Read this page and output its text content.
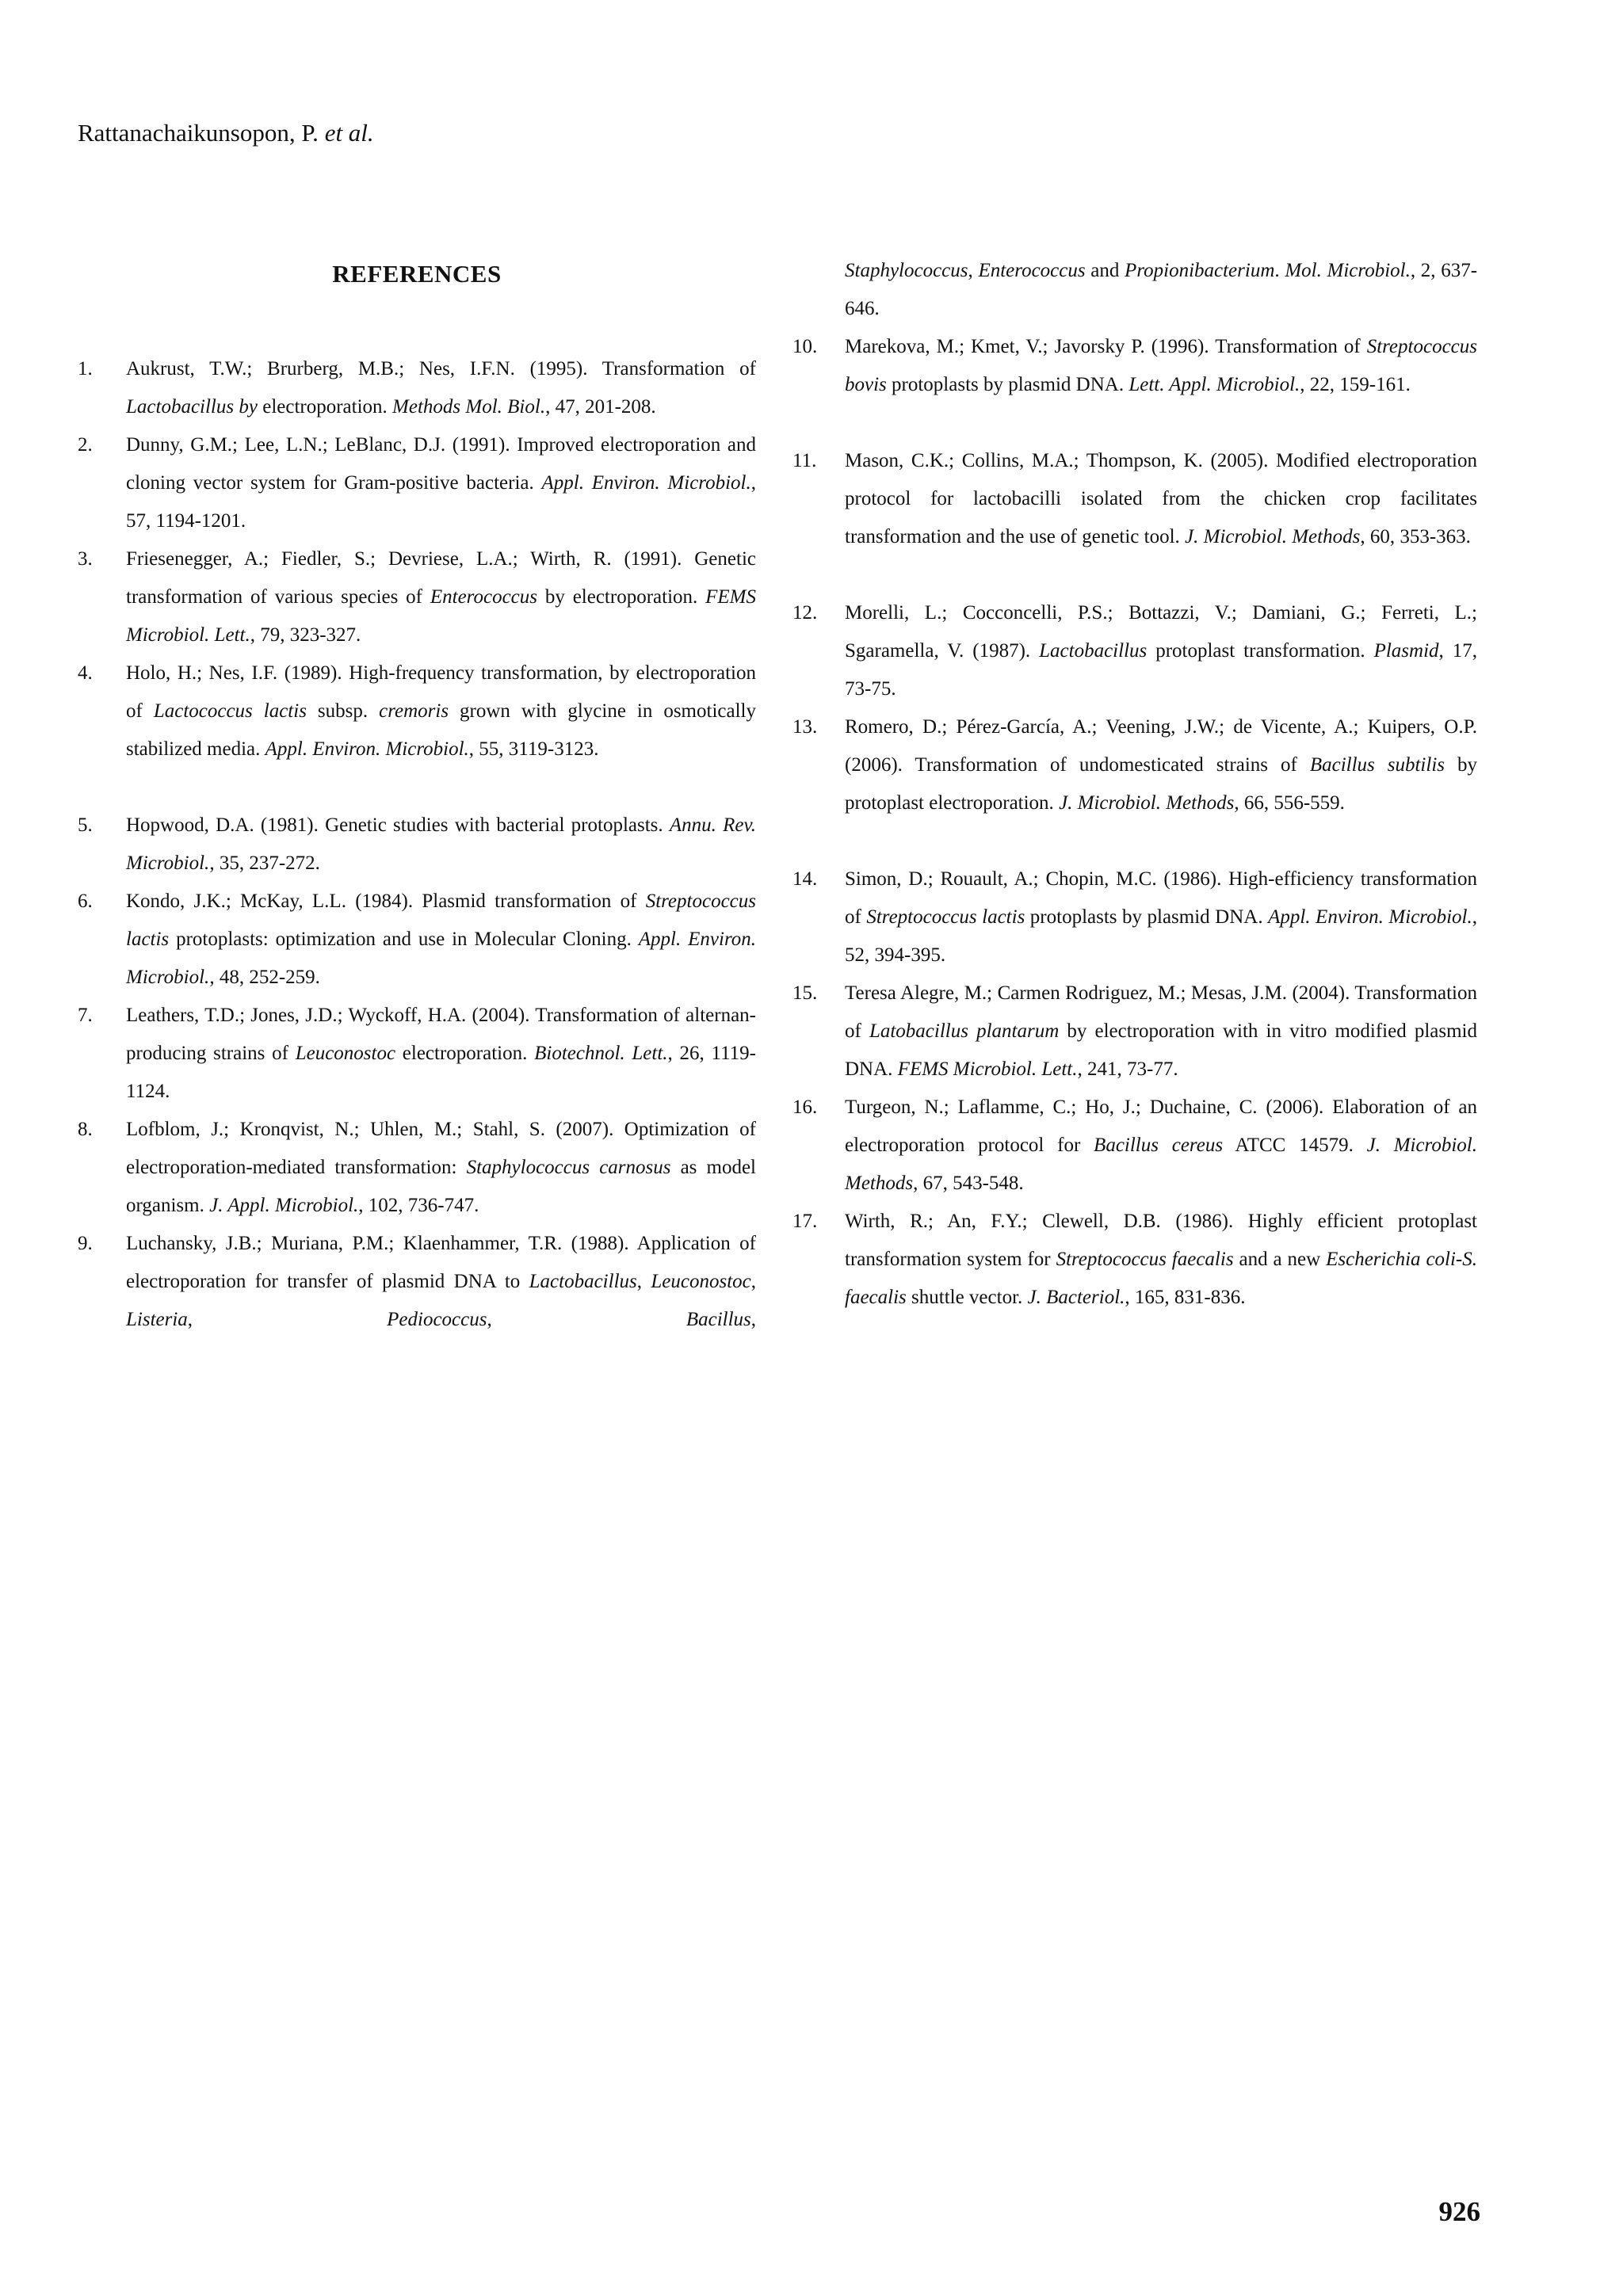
Rattanachaikunsopon, P. et al.
REFERENCES
1.	Aukrust, T.W.; Brurberg, M.B.; Nes, I.F.N. (1995). Transformation of Lactobacillus by electroporation. Methods Mol. Biol., 47, 201-208.
2.	Dunny, G.M.; Lee, L.N.; LeBlanc, D.J. (1991). Improved electroporation and cloning vector system for Gram-positive bacteria. Appl. Environ. Microbiol., 57, 1194-1201.
3.	Friesenegger, A.; Fiedler, S.; Devriese, L.A.; Wirth, R. (1991). Genetic transformation of various species of Enterococcus by electroporation. FEMS Microbiol. Lett., 79, 323-327.
4.	Holo, H.; Nes, I.F. (1989). High-frequency transformation, by electroporation of Lactococcus lactis subsp. cremoris grown with glycine in osmotically stabilized media. Appl. Environ. Microbiol., 55, 3119-3123.
5.	Hopwood, D.A. (1981). Genetic studies with bacterial protoplasts. Annu. Rev. Microbiol., 35, 237-272.
6.	Kondo, J.K.; McKay, L.L. (1984). Plasmid transformation of Streptococcus lactis protoplasts: optimization and use in Molecular Cloning. Appl. Environ. Microbiol., 48, 252-259.
7.	Leathers, T.D.; Jones, J.D.; Wyckoff, H.A. (2004). Transformation of alternan-producing strains of Leuconostoc electroporation. Biotechnol. Lett., 26, 1119-1124.
8.	Lofblom, J.; Kronqvist, N.; Uhlen, M.; Stahl, S. (2007). Optimization of electroporation-mediated transformation: Staphylococcus carnosus as model organism. J. Appl. Microbiol., 102, 736-747.
9.	Luchansky, J.B.; Muriana, P.M.; Klaenhammer, T.R. (1988). Application of electroporation for transfer of plasmid DNA to Lactobacillus, Leuconostoc, Listeria, Pediococcus, Bacillus,
Staphylococcus, Enterococcus and Propionibacterium. Mol. Microbiol., 2, 637-646.
10.	Marekova, M.; Kmet, V.; Javorsky P. (1996). Transformation of Streptococcus bovis protoplasts by plasmid DNA. Lett. Appl. Microbiol., 22, 159-161.
11.	Mason, C.K.; Collins, M.A.; Thompson, K. (2005). Modified electroporation protocol for lactobacilli isolated from the chicken crop facilitates transformation and the use of genetic tool. J. Microbiol. Methods, 60, 353-363.
12.	Morelli, L.; Cocconcelli, P.S.; Bottazzi, V.; Damiani, G.; Ferreti, L.; Sgaramella, V. (1987). Lactobacillus protoplast transformation. Plasmid, 17, 73-75.
13.	Romero, D.; Pérez-García, A.; Veening, J.W.; de Vicente, A.; Kuipers, O.P. (2006). Transformation of undomesticated strains of Bacillus subtilis by protoplast electroporation. J. Microbiol. Methods, 66, 556-559.
14.	Simon, D.; Rouault, A.; Chopin, M.C. (1986). High-efficiency transformation of Streptococcus lactis protoplasts by plasmid DNA. Appl. Environ. Microbiol., 52, 394-395.
15.	Teresa Alegre, M.; Carmen Rodriguez, M.; Mesas, J.M. (2004). Transformation of Latobacillus plantarum by electroporation with in vitro modified plasmid DNA. FEMS Microbiol. Lett., 241, 73-77.
16.	Turgeon, N.; Laflamme, C.; Ho, J.; Duchaine, C. (2006). Elaboration of an electroporation protocol for Bacillus cereus ATCC 14579. J. Microbiol. Methods, 67, 543-548.
17.	Wirth, R.; An, F.Y.; Clewell, D.B. (1986). Highly efficient protoplast transformation system for Streptococcus faecalis and a new Escherichia coli-S. faecalis shuttle vector. J. Bacteriol., 165, 831-836.
926
